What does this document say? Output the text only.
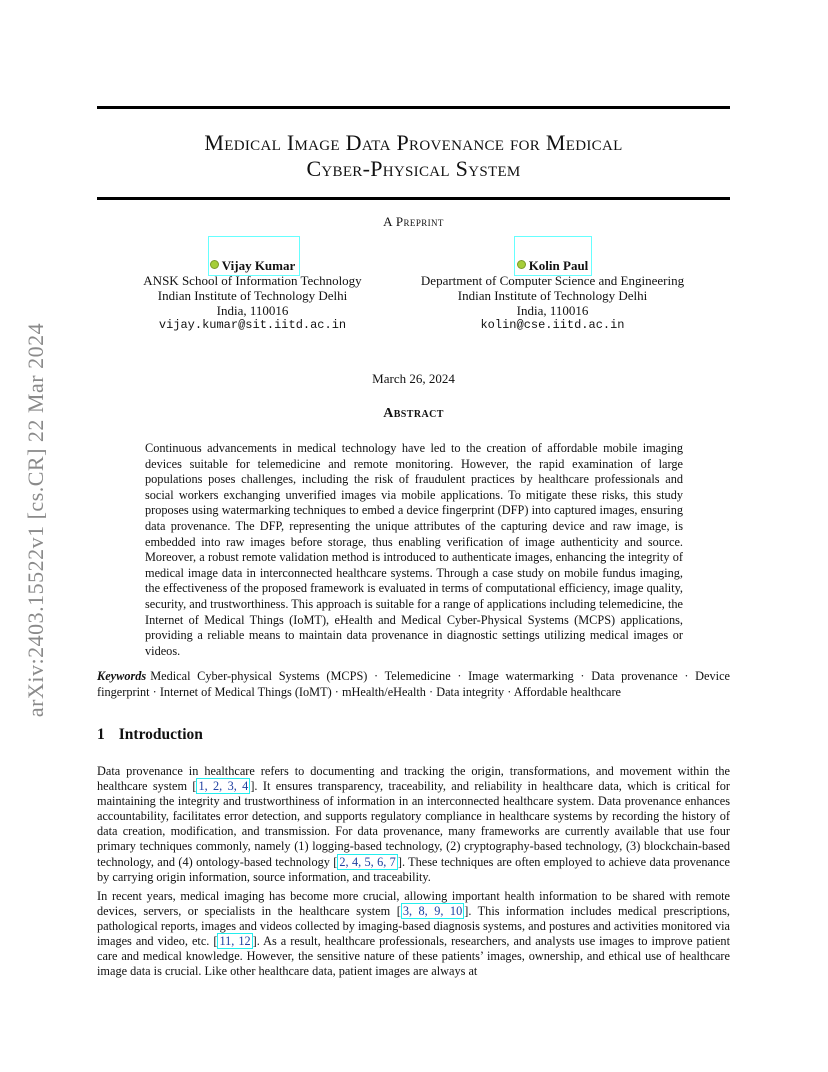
arXiv:2403.15522v1 [cs.CR] 22 Mar 2024
Medical Image Data Provenance for Medical
Cyber-Physical System
A Preprint
Vijay Kumar
ANSK School of Information Technology
Indian Institute of Technology Delhi
India, 110016
vijay.kumar@sit.iitd.ac.in
Kolin Paul
Department of Computer Science and Engineering
Indian Institute of Technology Delhi
India, 110016
kolin@cse.iitd.ac.in
March 26, 2024
Abstract
Continuous advancements in medical technology have led to the creation of affordable mobile imaging devices suitable for telemedicine and remote monitoring. However, the rapid examination of large populations poses challenges, including the risk of fraudulent practices by healthcare professionals and social workers exchanging unverified images via mobile applications. To mitigate these risks, this study proposes using watermarking techniques to embed a device fingerprint (DFP) into captured images, ensuring data provenance. The DFP, representing the unique attributes of the capturing device and raw image, is embedded into raw images before storage, thus enabling verification of image authenticity and source. Moreover, a robust remote validation method is introduced to authenticate images, enhancing the integrity of medical image data in interconnected healthcare systems. Through a case study on mobile fundus imaging, the effectiveness of the proposed framework is evaluated in terms of computational efficiency, image quality, security, and trustworthiness. This approach is suitable for a range of applications including telemedicine, the Internet of Medical Things (IoMT), eHealth and Medical Cyber-Physical Systems (MCPS) applications, providing a reliable means to maintain data provenance in diagnostic settings utilizing medical images or videos.
Keywords Medical Cyber-physical Systems (MCPS) · Telemedicine · Image watermarking · Data provenance · Device fingerprint · Internet of Medical Things (IoMT) · mHealth/eHealth · Data integrity · Affordable healthcare
1 Introduction
Data provenance in healthcare refers to documenting and tracking the origin, transformations, and movement within the healthcare system [ 1, 2, 3, 4 ]. It ensures transparency, traceability, and reliability in healthcare data, which is critical for maintaining the integrity and trustworthiness of information in an interconnected healthcare system. Data provenance enhances accountability, facilitates error detection, and supports regulatory compliance in healthcare systems by recording the history of data creation, modification, and transmission. For data provenance, many frameworks are currently available that use four primary techniques commonly, namely (1) logging-based technology, (2) cryptography-based technology, (3) blockchain-based technology, and (4) ontology-based technology [ 2, 4, 5, 6, 7 ]. These techniques are often employed to achieve data provenance by carrying origin information, source information, and traceability.
In recent years, medical imaging has become more crucial, allowing important health information to be shared with remote devices, servers, or specialists in the healthcare system [ 3, 8, 9, 10 ]. This information includes medical prescriptions, pathological reports, images and videos collected by imaging-based diagnosis systems, and postures and activities monitored via images and video, etc. [ 11, 12 ]. As a result, healthcare professionals, researchers, and analysts use images to improve patient care and medical knowledge. However, the sensitive nature of these patients’ images, ownership, and ethical use of healthcare image data is crucial. Like other healthcare data, patient images are always at
